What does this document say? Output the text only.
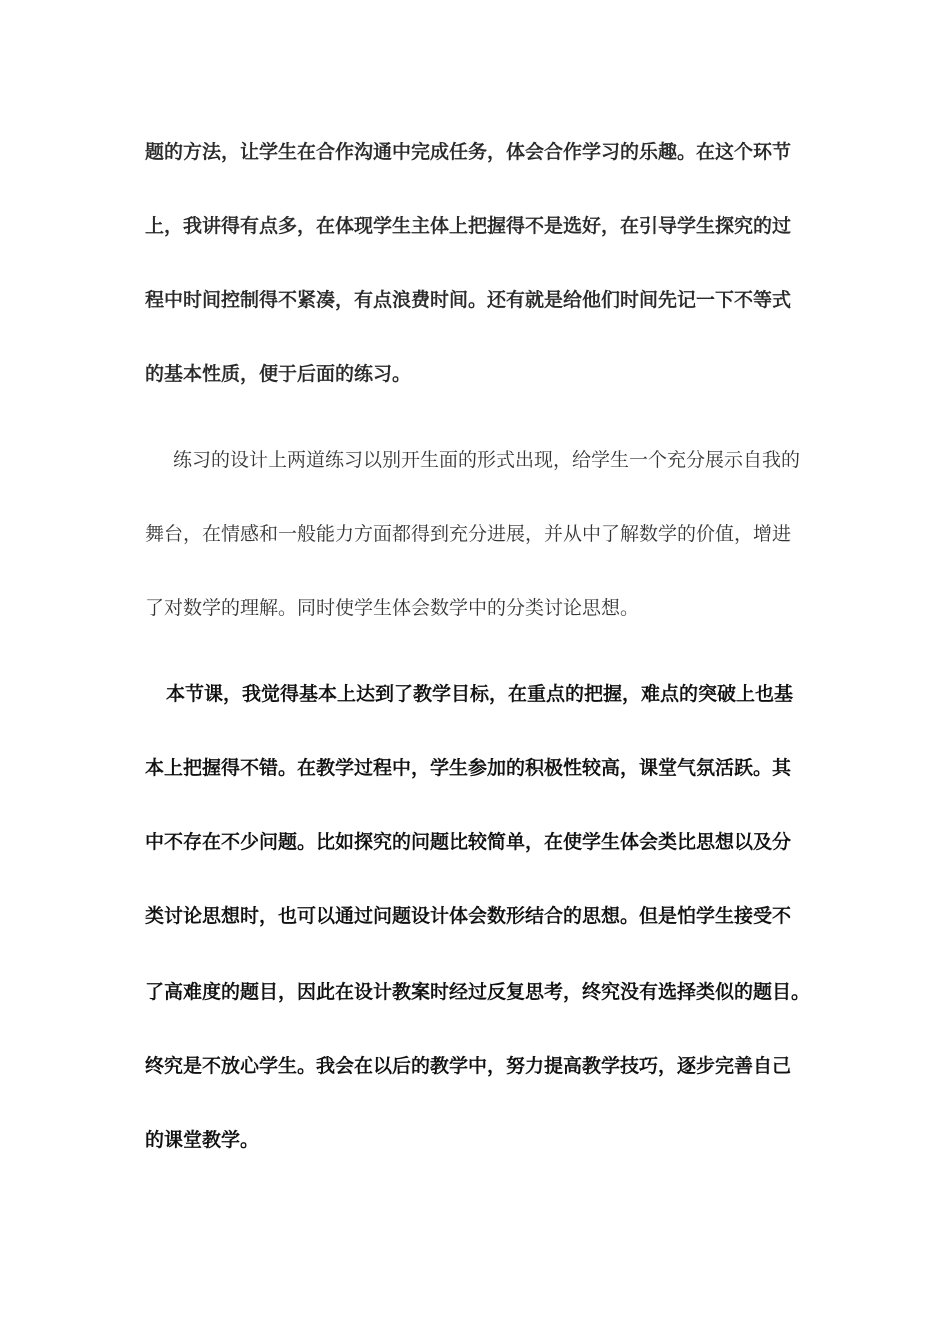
题的方法，让学生在合作沟通中完成任务，体会合作学习的乐趣。在这个环节

上，我讲得有点多，在体现学生主体上把握得不是选好，在引导学生探究的过

程中时间控制得不紧凑，有点浪费时间。还有就是给他们时间先记一下不等式

的基本性质，便于后面的练习。

练习的设计上两道练习以别开生面的形式出现，给学生一个充分展示自我的

舞台，在情感和一般能力方面都得到充分进展，并从中了解数学的价值，增进

了对数学的理解。同时使学生体会数学中的分类讨论思想。

本节课，我觉得基本上达到了教学目标，在重点的把握，难点的突破上也基

本上把握得不错。在教学过程中，学生参加的积极性较高，课堂气氛活跃。其

中不存在不少问题。比如探究的问题比较简单，在使学生体会类比思想以及分

类讨论思想时，也可以通过问题设计体会数形结合的思想。但是怕学生接受不

了高难度的题目，因此在设计教案时经过反复思考，终究没有选择类似的题目。

终究是不放心学生。我会在以后的教学中，努力提高教学技巧，逐步完善自己

的课堂教学。
